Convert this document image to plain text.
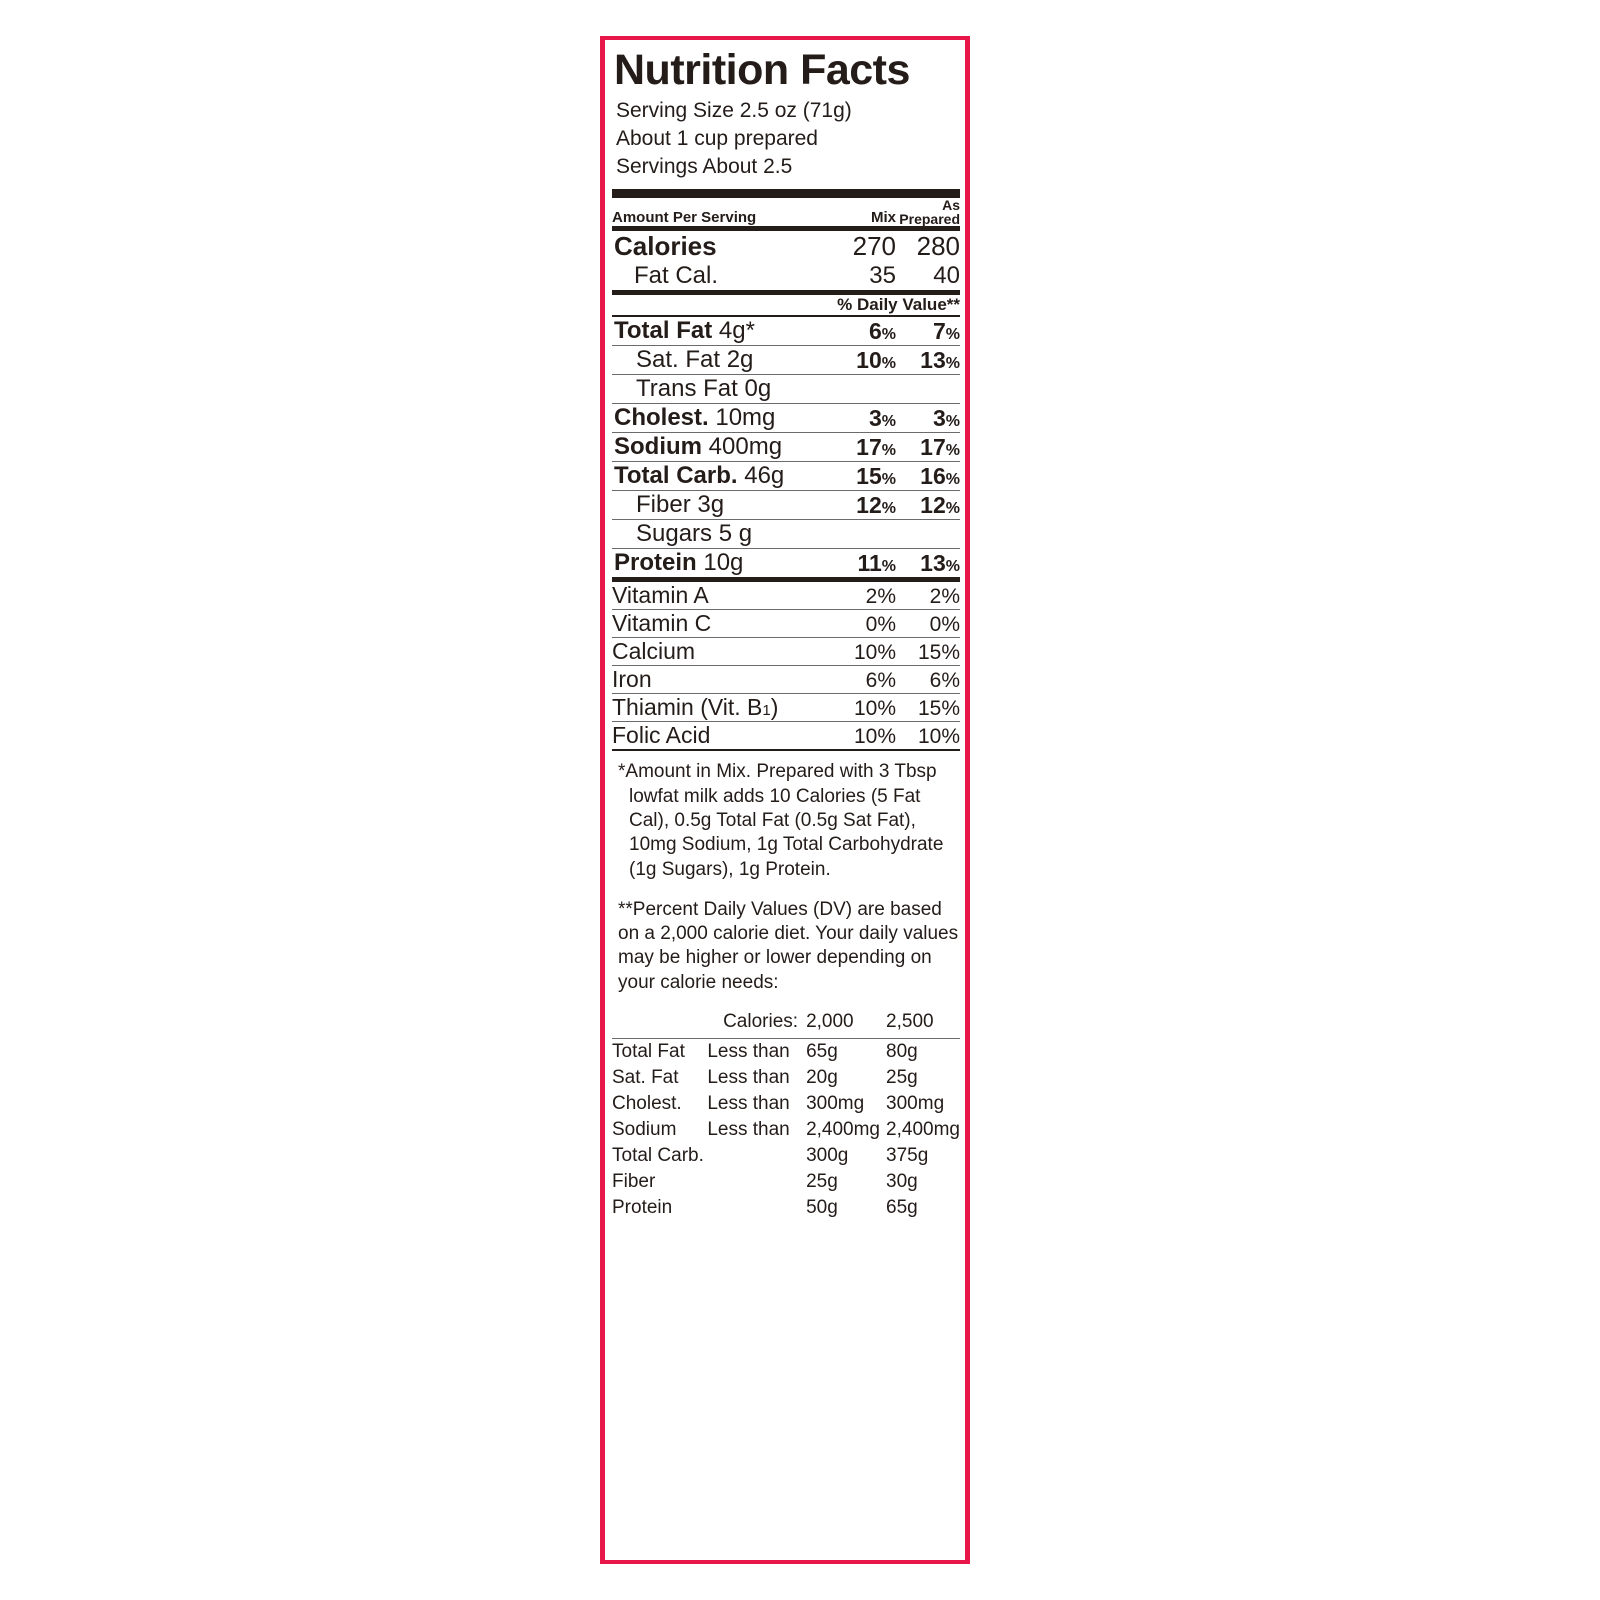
Nutrition Facts
Serving Size 2.5 oz (71g)
About 1 cup prepared
Servings About 2.5
Amount Per Serving	Mix	
As
Prepared
Calories	270	280
Fat Cal.	35	40
% Daily Value**
Total Fat 4g*	6%	7%
Sat. Fat 2g	10%	13%
Trans Fat 0g		
Cholest. 10mg	3%	3%
Sodium 400mg	17%	17%
Total Carb. 46g	15%	16%
Fiber 3g	12%	12%
Sugars 5 g		
Protein 10g	11%	13%
Vitamin A	2%	2%
Vitamin C	0%	0%
Calcium	10%	15%
Iron	6%	6%
Thiamin (Vit. B1)	10%	15%
Folic Acid	10%	10%
*Amount in Mix. Prepared with 3 Tbsp lowfat milk adds 10 Calories (5 Fat Cal), 0.5g Total Fat (0.5g Sat Fat), 10mg Sodium, 1g Total Carbohydrate (1g Sugars), 1g Protein.
**Percent Daily Values (DV) are based on a 2,000 calorie diet. Your daily values may be higher or lower depending on your calorie needs:
	Calories:	2,000	2,500
Total Fat	Less than	65g	80g
Sat. Fat	Less than	20g	25g
Cholest.	Less than	300mg	300mg
Sodium	Less than	2,400mg	2,400mg
Total Carb.		300g	375g
Fiber		25g	30g
Protein		50g	65g
